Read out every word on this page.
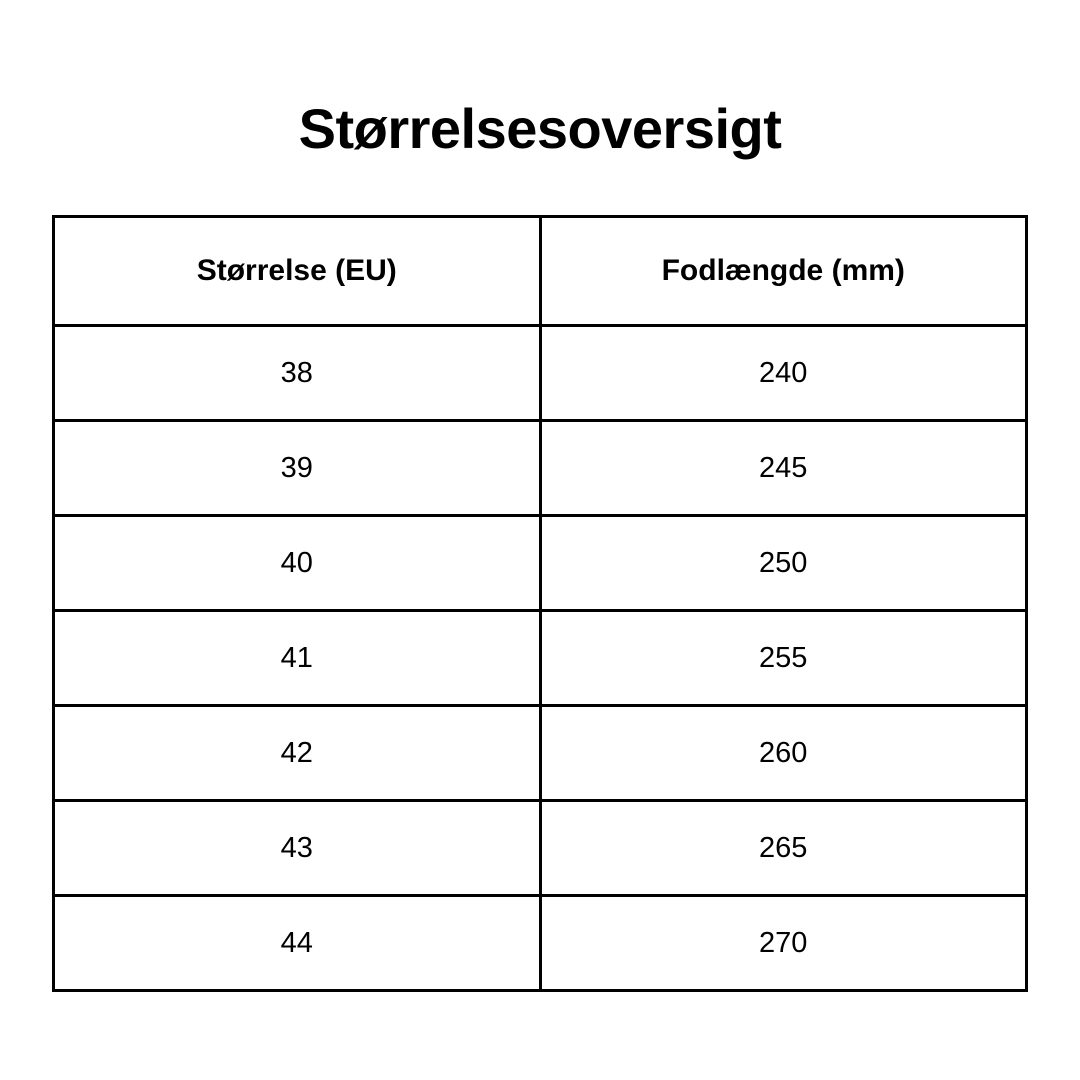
Størrelsesoversigt
Størrelse (EU)	Fodlængde (mm)
38	240
39	245
40	250
41	255
42	260
43	265
44	270
